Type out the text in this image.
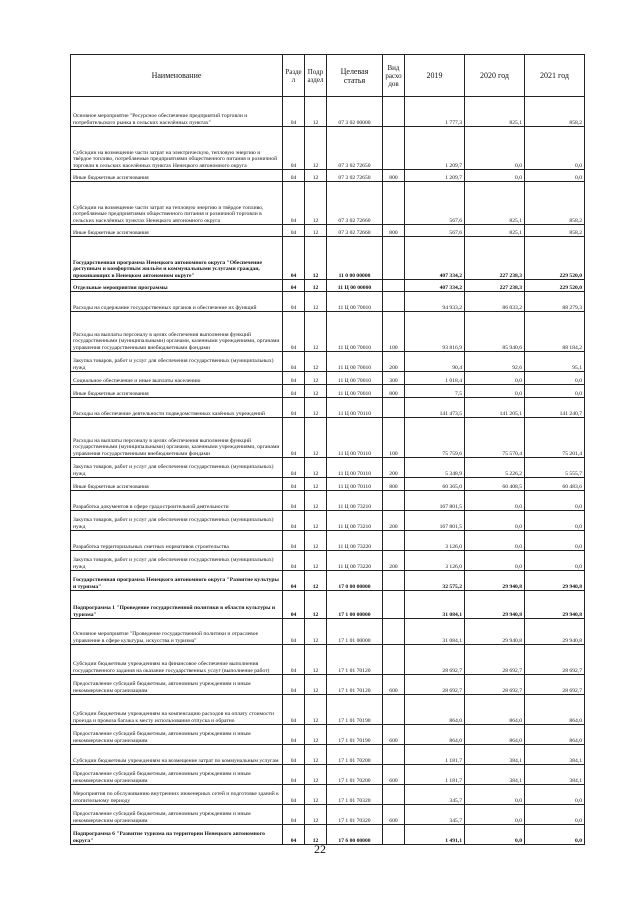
Наименование	Разде л	Подр аздел	Целевая статья	Вид расхо дов	2019	2020 год	2021 год
Основное мероприятие "Ресурсное обеспечение предприятий торговли и потребительского рынка в сельских населённых пунктах"	04	12	07 3 02 00000		1 777,3	825,1	858,2
Субсидии на возмещение части затрат на электрическую, тепловую энергию и твёрдое топливо, потребляемые предприятиями общественного питания и розничной торговли в сельских населённых пунктах Ненецкого автономного округа	04	12	07 3 02 72650		1 209,7	0,0	0,0
Иные бюджетные ассигнования	04	12	07 3 02 72650	800	1 209,7	0,0	0,0
Субсидии на возмещение части затрат на тепловую энергию и твёрдое топливо, потребляемые предприятиями общественного питания и розничной торговли в сельских населённых пунктах Ненецкого автономного округа	04	12	07 3 02 72660		567,6	825,1	858,2
Иные бюджетные ассигнования	04	12	07 3 02 72660	800	567,6	825,1	858,2
Государственная программа Ненецкого автономного округа "Обеспечение доступным и комфортным жильём и коммунальными услугами граждан, проживающих в Ненецком автономном округе"	04	12	11 0 00 00000		407 334,2	227 238,3	229 520,0
Отдельные мероприятия программы	04	12	11 Ц 00 00000		407 334,2	227 238,3	229 520,0
Расходы на содержание государственных органов и обеспечение их функций	04	12	11 Ц 00 70010		94 933,2	86 033,2	88 279,3
Расходы на выплаты персоналу в целях обеспечения выполнения функций государственными (муниципальными) органами, казенными учреждениями, органами управления государственными внебюджетными фондами	04	12	11 Ц 00 70010	100	93 816,9	85 940,6	88 184,2
Закупка товаров, работ и услуг для обеспечения государственных (муниципальных) нужд	04	12	11 Ц 00 70010	200	90,4	92,6	95,1
Социальное обеспечение и иные выплаты населению	04	12	11 Ц 00 70010	300	1 018,4	0,0	0,0
Иные бюджетные ассигнования	04	12	11 Ц 00 70010	800	7,5	0,0	0,0
Расходы на обеспечение деятельности подведомственных казённых учреждений	04	12	11 Ц 00 70110		141 473,5	141 205,1	141 240,7
Расходы на выплаты персоналу в целях обеспечения выполнения функций государственными (муниципальными) органами, казенными учреждениями, органами управления государственными внебюджетными фондами	04	12	11 Ц 00 70110	100	75 759,6	75 570,4	75 201,4
Закупка товаров, работ и услуг для обеспечения государственных (муниципальных) нужд	04	12	11 Ц 00 70110	200	5 348,9	5 226,2	5 555,7
Иные бюджетные ассигнования	04	12	11 Ц 00 70110	800	60 365,0	60 408,5	60 483,6
Разработка документов в сфере градостроительной деятельности	04	12	11 Ц 00 73210		167 801,5	0,0	0,0
Закупка товаров, работ и услуг для обеспечения государственных (муниципальных) нужд	04	12	11 Ц 00 73210	200	167 801,5	0,0	0,0
Разработка территориальных сметных нормативов строительства	04	12	11 Ц 00 73220		3 126,0	0,0	0,0
Закупка товаров, работ и услуг для обеспечения государственных (муниципальных) нужд	04	12	11 Ц 00 73220	200	3 126,0	0,0	0,0
Государственная программа Ненецкого автономного округа "Развитие культуры и туризма"	04	12	17 0 00 00000		32 575,2	29 940,8	29 940,8
Подпрограмма 1 "Проведение государственной политики в области культуры и туризма"	04	12	17 1 00 00000		31 084,1	29 940,8	29 940,8
Основное мероприятие "Проведение государственной политики и отраслевое управление в сфере культуры, искусства и туризма"	04	12	17 1 01 00000		31 084,1	29 940,8	29 940,8
Субсидии бюджетным учреждениям на финансовое обеспечение выполнения государственного задания на оказание государственных услуг (выполнение работ)	04	12	17 1 01 70120		28 692,7	28 692,7	28 692,7
Предоставление субсидий бюджетным, автономным учреждениям и иным некоммерческим организациям	04	12	17 1 01 70120	600	28 692,7	28 692,7	28 692,7
Субсидии бюджетным учреждениям на компенсацию расходов на оплату стоимости проезда и провоза багажа к месту использования отпуска и обратно	04	12	17 1 01 70190		864,0	864,0	864,0
Предоставление субсидий бюджетным, автономным учреждениям и иным некоммерческим организациям	04	12	17 1 01 70190	600	864,0	864,0	864,0
Субсидии бюджетным учреждениям на возмещение затрат по коммунальным услугам	04	12	17 1 01 70200		1 181,7	384,1	384,1
Предоставление субсидий бюджетным, автономным учреждениям и иным некоммерческим организациям	04	12	17 1 01 70200	600	1 181,7	384,1	384,1
Мероприятия по обслуживанию внутренних инженерных сетей и подготовке зданий к отопительному периоду	04	12	17 1 01 70320		345,7	0,0	0,0
Предоставление субсидий бюджетным, автономным учреждениям и иным некоммерческим организациям	04	12	17 1 01 70320	600	345,7	0,0	0,0
Подпрограмма 6 "Развитие туризма на территории Ненецкого автономного округа"	04	12	17 6 00 00000		1 491,1	0,0	0,0
22
